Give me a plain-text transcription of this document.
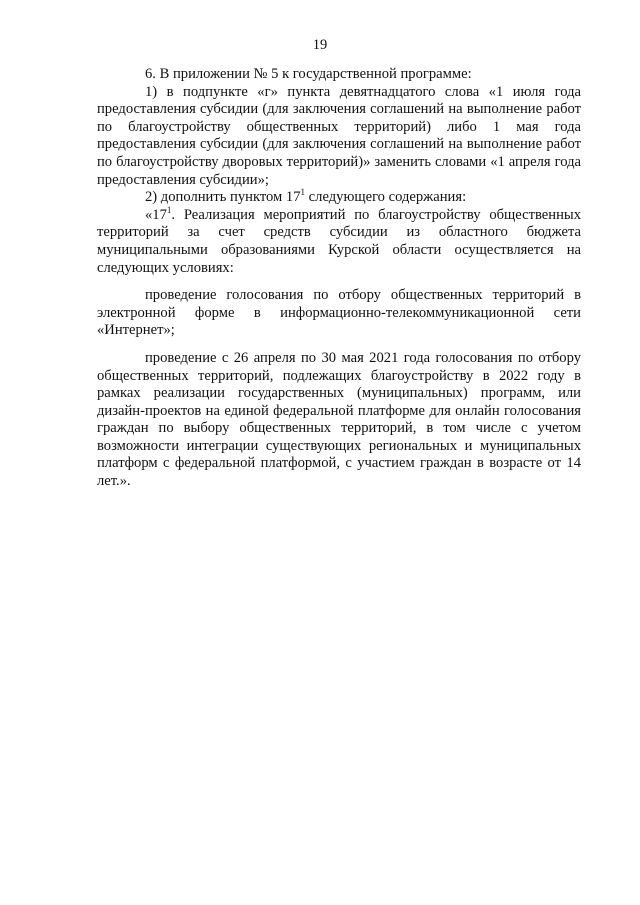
19

6. В приложении № 5 к государственной программе:

1) в подпункте «г» пункта девятнадцатого слова «1 июля года предоставления субсидии (для заключения соглашений на выполнение работ по благоустройству общественных территорий) либо 1 мая года предоставления субсидии (для заключения соглашений на выполнение работ по благоустройству дворовых территорий)» заменить словами «1 апреля года предоставления субсидии»;

2) дополнить пунктом $17^1$ следующего содержания:

«$17^1$. Реализация мероприятий по благоустройству общественных территорий за счет средств субсидии из областного бюджета муниципальными образованиями Курской области осуществляется на следующих условиях:

проведение голосования по отбору общественных территорий в электронной форме в информационно-телекоммуникационной сети «Интернет»;

проведение с 26 апреля по 30 мая 2021 года голосования по отбору общественных территорий, подлежащих благоустройству в 2022 году в рамках реализации государственных (муниципальных) программ, или дизайн-проектов на единой федеральной платформе для онлайн голосования граждан по выбору общественных территорий, в том числе с учетом возможности интеграции существующих региональных и муниципальных платформ с федеральной платформой, с участием граждан в возрасте от 14 лет.».
